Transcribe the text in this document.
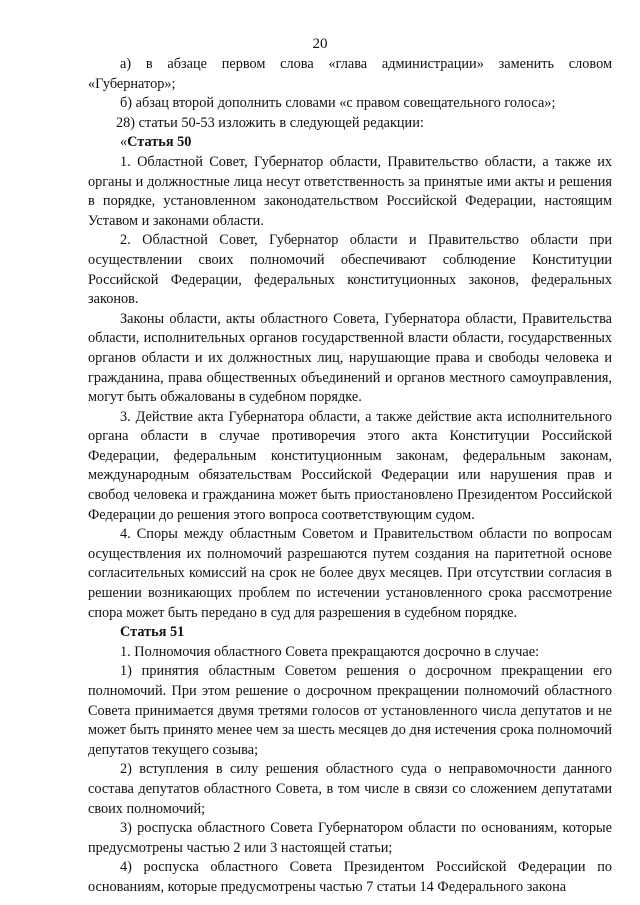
20

а) в абзаце первом слова «глава администрации» заменить словом «Губернатор»;

б) абзац второй дополнить словами «с правом совещательного голоса»;

28) статьи 50-53 изложить в следующей редакции:

«Статья 50

1. Областной Совет, Губернатор области, Правительство области, а также их органы и должностные лица несут ответственность за принятые ими акты и решения в порядке, установленном законодательством Российской Федерации, настоящим Уставом и законами области.

2. Областной Совет, Губернатор области и Правительство области при осуществлении своих полномочий обеспечивают соблюдение Конституции Российской Федерации, федеральных конституционных законов, федеральных законов.

Законы области, акты областного Совета, Губернатора области, Правительства области, исполнительных органов государственной власти области, государственных органов области и их должностных лиц, нарушающие права и свободы человека и гражданина, права общественных объединений и органов местного самоуправления, могут быть обжалованы в судебном порядке.

3. Действие акта Губернатора области, а также действие акта исполнительного органа области в случае противоречия этого акта Конституции Российской Федерации, федеральным конституционным законам, федеральным законам, международным обязательствам Российской Федерации или нарушения прав и свобод человека и гражданина может быть приостановлено Президентом Российской Федерации до решения этого вопроса соответствующим судом.

4. Споры между областным Советом и Правительством области по вопросам осуществления их полномочий разрешаются путем создания на паритетной основе согласительных комиссий на срок не более двух месяцев. При отсутствии согласия в решении возникающих проблем по истечении установленного срока рассмотрение спора может быть передано в суд для разрешения в судебном порядке.

Статья 51

1. Полномочия областного Совета прекращаются досрочно в случае:

1) принятия областным Советом решения о досрочном прекращении его полномочий. При этом решение о досрочном прекращении полномочий областного Совета принимается двумя третями голосов от установленного числа депутатов и не может быть принято менее чем за шесть месяцев до дня истечения срока полномочий депутатов текущего созыва;

2) вступления в силу решения областного суда о неправомочности данного состава депутатов областного Совета, в том числе в связи со сложением депутатами своих полномочий;

3) роспуска областного Совета Губернатором области по основаниям, которые предусмотрены частью 2 или 3 настоящей статьи;

4) роспуска областного Совета Президентом Российской Федерации по основаниям, которые предусмотрены частью 7 статьи 14 Федерального закона
